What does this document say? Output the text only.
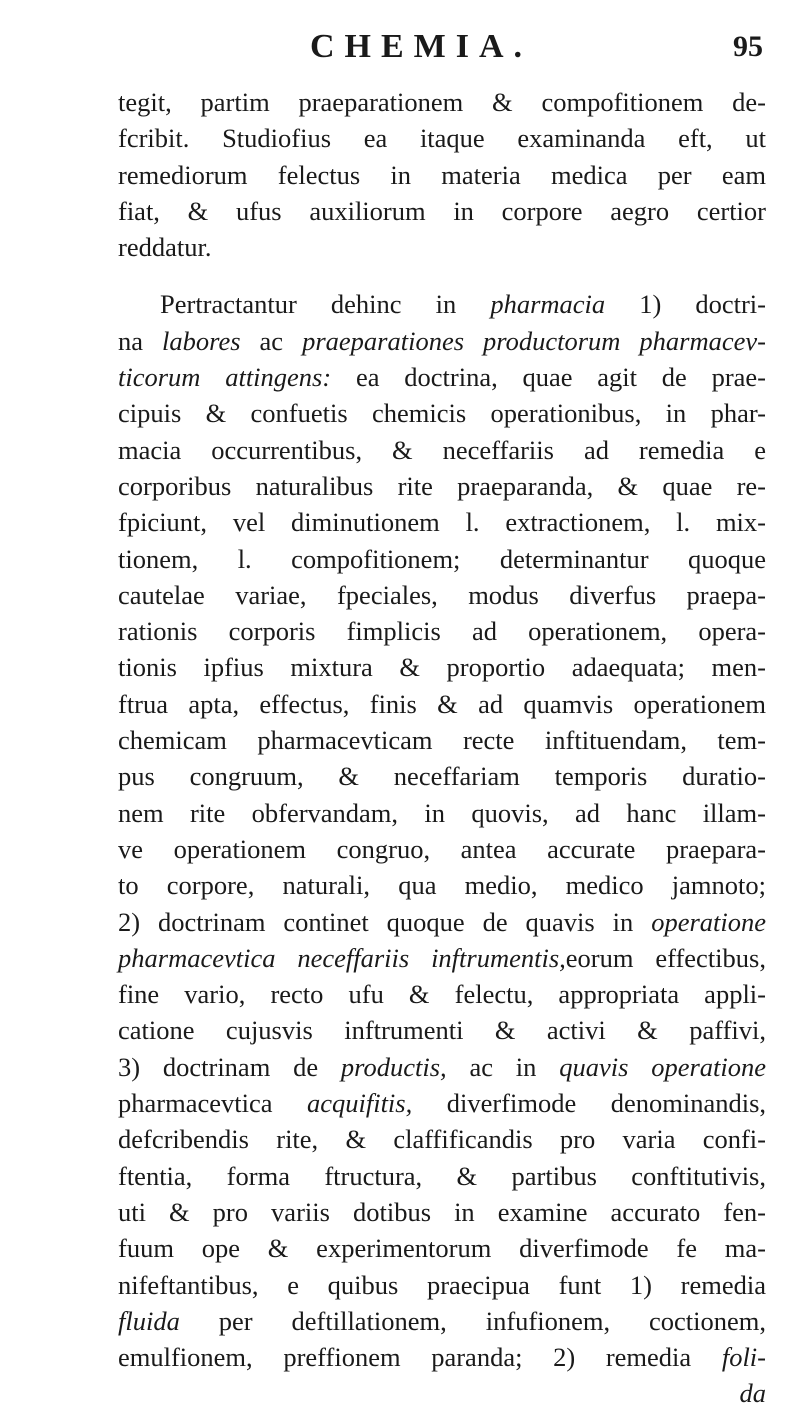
CHEMIA.	95
tegit, partim praeparationem & compofitionem de-
fcribit. Studiofius ea itaque examinanda eft, ut
remediorum felectus in materia medica per eam
fiat, & ufus auxiliorum in corpore aegro certior
reddatur.
Pertractantur dehinc in pharmacia 1) doctri-
na labores ac praeparationes productorum pharmacev-
ticorum attingens: ea doctrina, quae agit de prae-
cipuis & confuetis chemicis operationibus, in phar-
macia occurrentibus, & neceffariis ad remedia e
corporibus naturalibus rite praeparanda, & quae re-
fpiciunt, vel diminutionem l. extractionem, l. mix-
tionem, l. compofitionem; determinantur quoque
cautelae variae, fpeciales, modus diverfus praepa-
rationis corporis fimplicis ad operationem, opera-
tionis ipfius mixtura & proportio adaequata; men-
ftrua apta, effectus, finis & ad quamvis operationem
chemicam pharmacevticam recte inftituendam, tem-
pus congruum, & neceffariam temporis duratio-
nem rite obfervandam, in quovis, ad hanc illam-
ve operationem congruo, antea accurate praepara-
to corpore, naturali, qua medio, medico jamnoto;
2) doctrinam continet quoque de quavis in operatione
pharmacevtica neceffariis inftrumentis,eorum effectibus,
fine vario, recto ufu & felectu, appropriata appli-
catione cujusvis inftrumenti & activi & paffivi,
3) doctrinam de productis, ac in quavis operatione
pharmacevtica acquifitis, diverfimode denominandis,
defcribendis rite, & claffificandis pro varia confi-
ftentia, forma ftructura, & partibus conftitutivis,
uti & pro variis dotibus in examine accurato fen-
fuum ope & experimentorum diverfimode fe ma-
nifeftantibus, e quibus praecipua funt 1) remedia
fluida per deftillationem, infufionem, coctionem,
emulfionem, preffionem paranda; 2) remedia foli-
da
